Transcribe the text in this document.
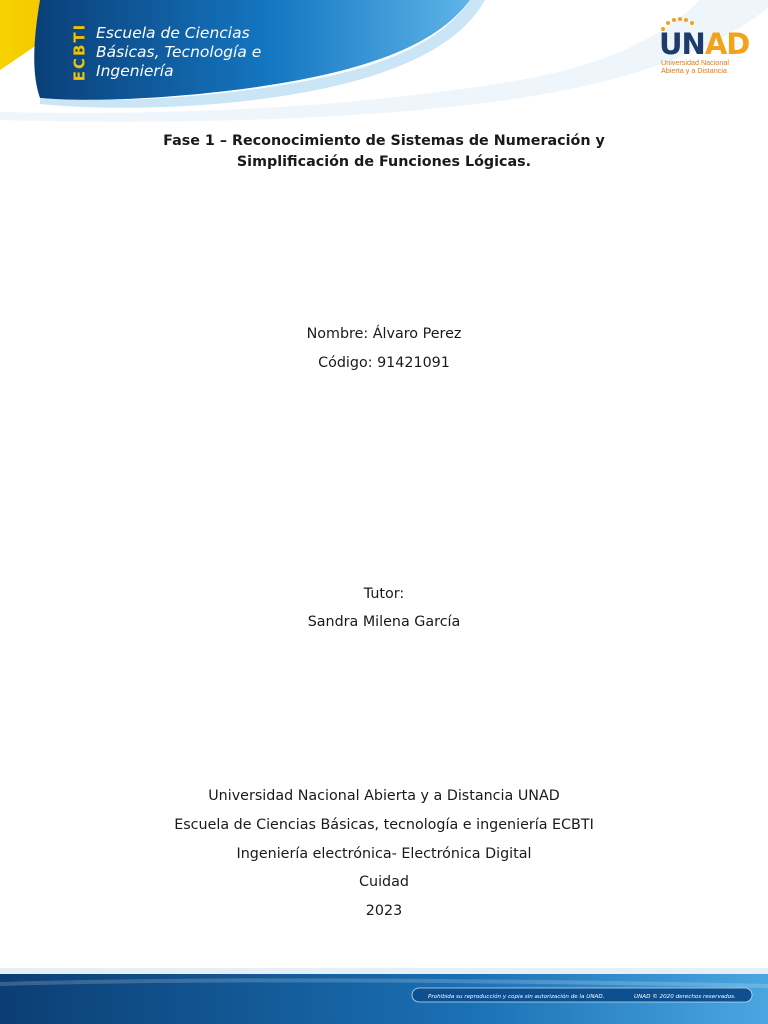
ECBTI Escuela de Ciencias
Básicas, Tecnología e
Ingeniería
UNAD
Universidad Nacional
Abierta y a Distancia
Fase 1 – Reconocimiento de Sistemas de Numeración y
Simplificación de Funciones Lógicas.
Nombre: Álvaro Perez
Código: 91421091
Tutor:
Sandra Milena García
Universidad Nacional Abierta y a Distancia UNAD
Escuela de Ciencias Básicas, tecnología e ingeniería ECBTI
Ingeniería electrónica- Electrónica Digital
Cuidad
2023
Prohibida su reproducción y copia sin autorización de la UNAD.	UNAD © 2020 derechos reservados.
